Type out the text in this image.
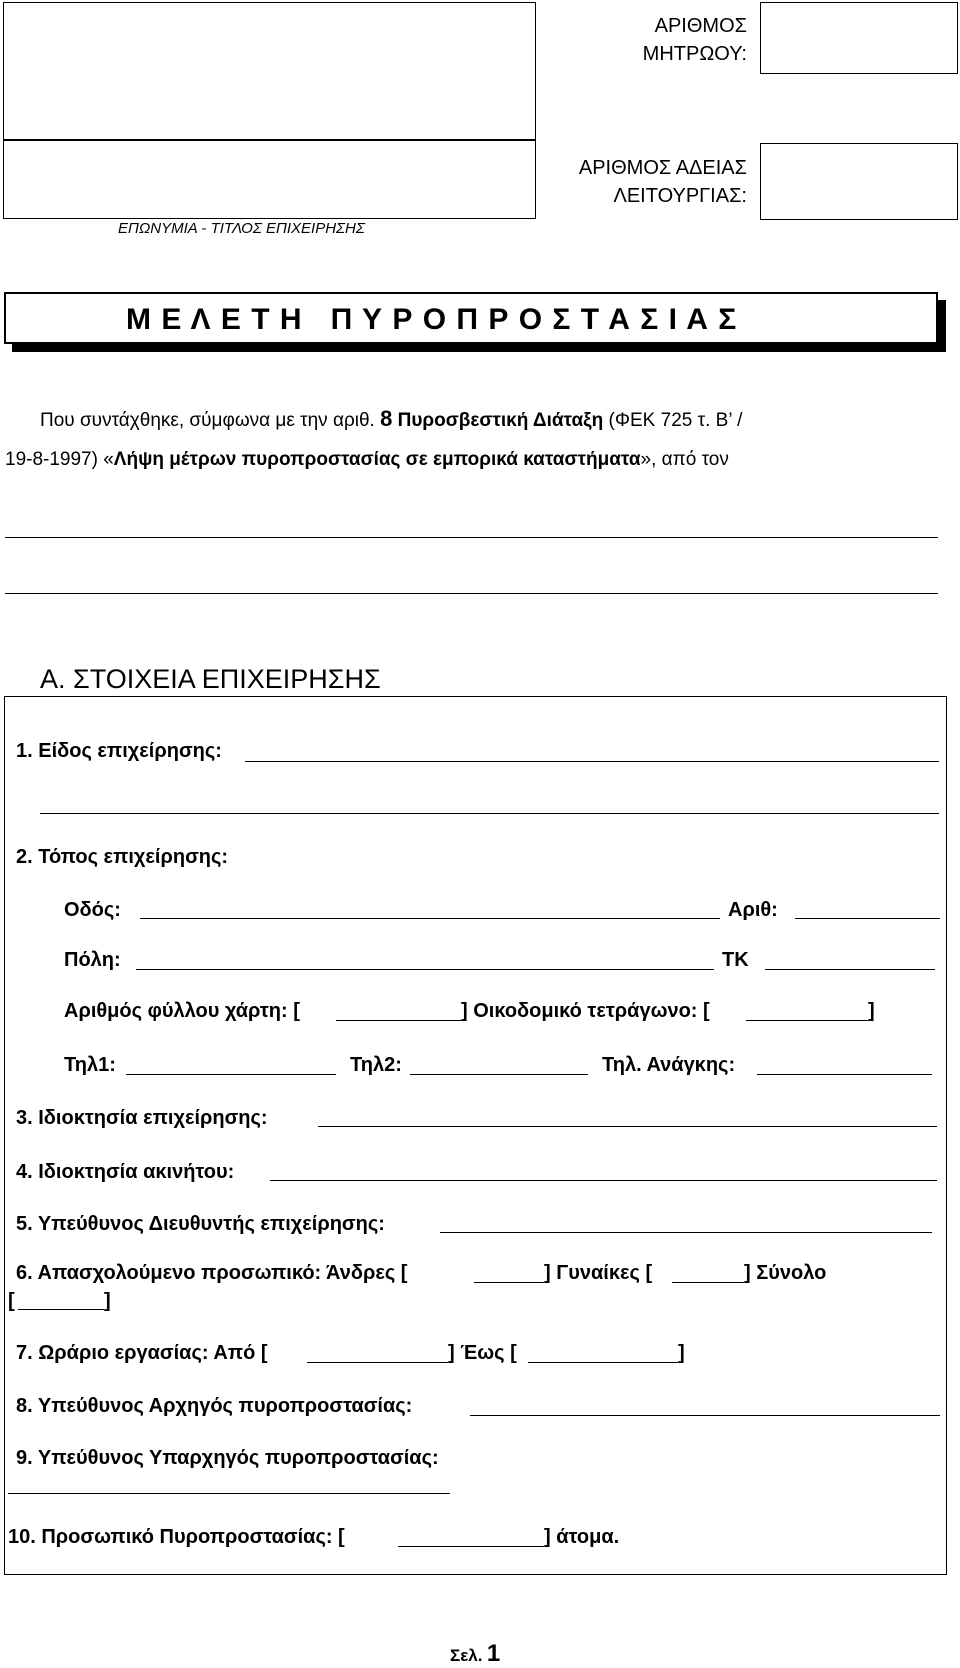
ΕΠΩΝΥΜΙΑ - ΤΙΤΛΟΣ ΕΠΙΧΕΙΡΗΣΗΣ
ΑΡΙΘΜΟΣ
ΜΗΤΡΩΟΥ:
ΑΡΙΘΜΟΣ ΑΔΕΙΑΣ
ΛΕΙΤΟΥΡΓΙΑΣ:
Μ Ε Λ Ε Τ Η   Π Υ Ρ Ο Π Ρ Ο Σ Τ Α Σ Ι Α Σ
Που συντάχθηκε, σύμφωνα με την αριθ. 8 Πυροσβεστική Διάταξη (ΦΕΚ 725 τ. Β’ /
19-8-1997) «Λήψη μέτρων πυροπροστασίας σε εμπορικά καταστήματα», από τον
Α. ΣΤΟΙΧΕΙΑ ΕΠΙΧΕΙΡΗΣΗΣ
1. Είδος επιχείρησης:
2. Τόπος επιχείρησης:
Οδός:	Αριθ:
Πόλη:	ΤΚ
Αριθμός φύλλου χάρτη: [	] Οικοδομικό τετράγωνο: [	]
Τηλ1:	Τηλ2:	Τηλ. Ανάγκης:
3. Ιδιοκτησία επιχείρησης:
4. Ιδιοκτησία ακινήτου:
5. Υπεύθυνος Διευθυντής επιχείρησης:
6. Απασχολούμενο προσωπικό: Άνδρες [	] Γυναίκες [	] Σύνολο
[	]
7. Ωράριο εργασίας: Από [	] Έως [	]
8. Υπεύθυνος Αρχηγός πυροπροστασίας:
9. Υπεύθυνος Υπαρχηγός πυροπροστασίας:
10. Προσωπικό Πυροπροστασίας: [	] άτομα.
Σελ. 1
